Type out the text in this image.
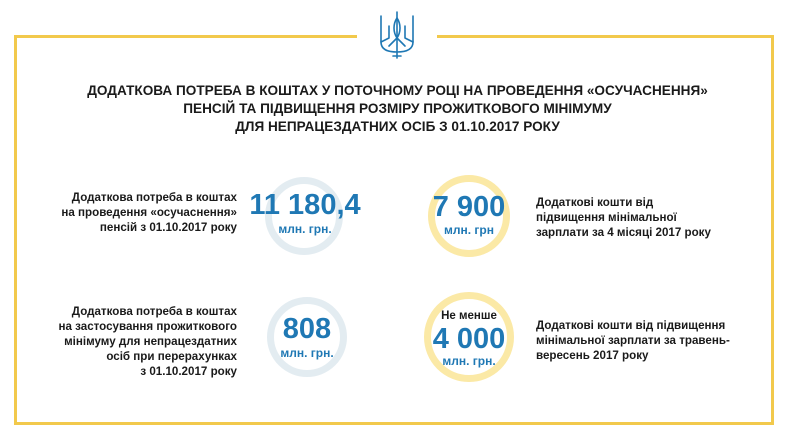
ДОДАТКОВА ПОТРЕБА В КОШТАХ У ПОТОЧНОМУ РОЦІ НА ПРОВЕДЕННЯ «ОСУЧАСНЕННЯ»
ПЕНСІЙ ТА ПІДВИЩЕННЯ РОЗМІРУ ПРОЖИТКОВОГО МІНІМУМУ
ДЛЯ НЕПРАЦЕЗДАТНИХ ОСІБ З 01.10.2017 РОКУ
Додаткова потреба в коштах
на проведення «осучаснення»
пенсій з 01.10.2017 року
11 180,4
млн. грн.
7 900
млн. грн
Додаткові кошти від
підвищення мінімальної
зарплати за 4 місяці 2017 року
Додаткова потреба в коштах
на застосування прожиткового
мінімуму для непрацездатних
осіб при перерахунках
з 01.10.2017 року
808
млн. грн.
Не менше
4 000
млн. грн.
Додаткові кошти від підвищення
мінімальної зарплати за травень-
вересень 2017 року
